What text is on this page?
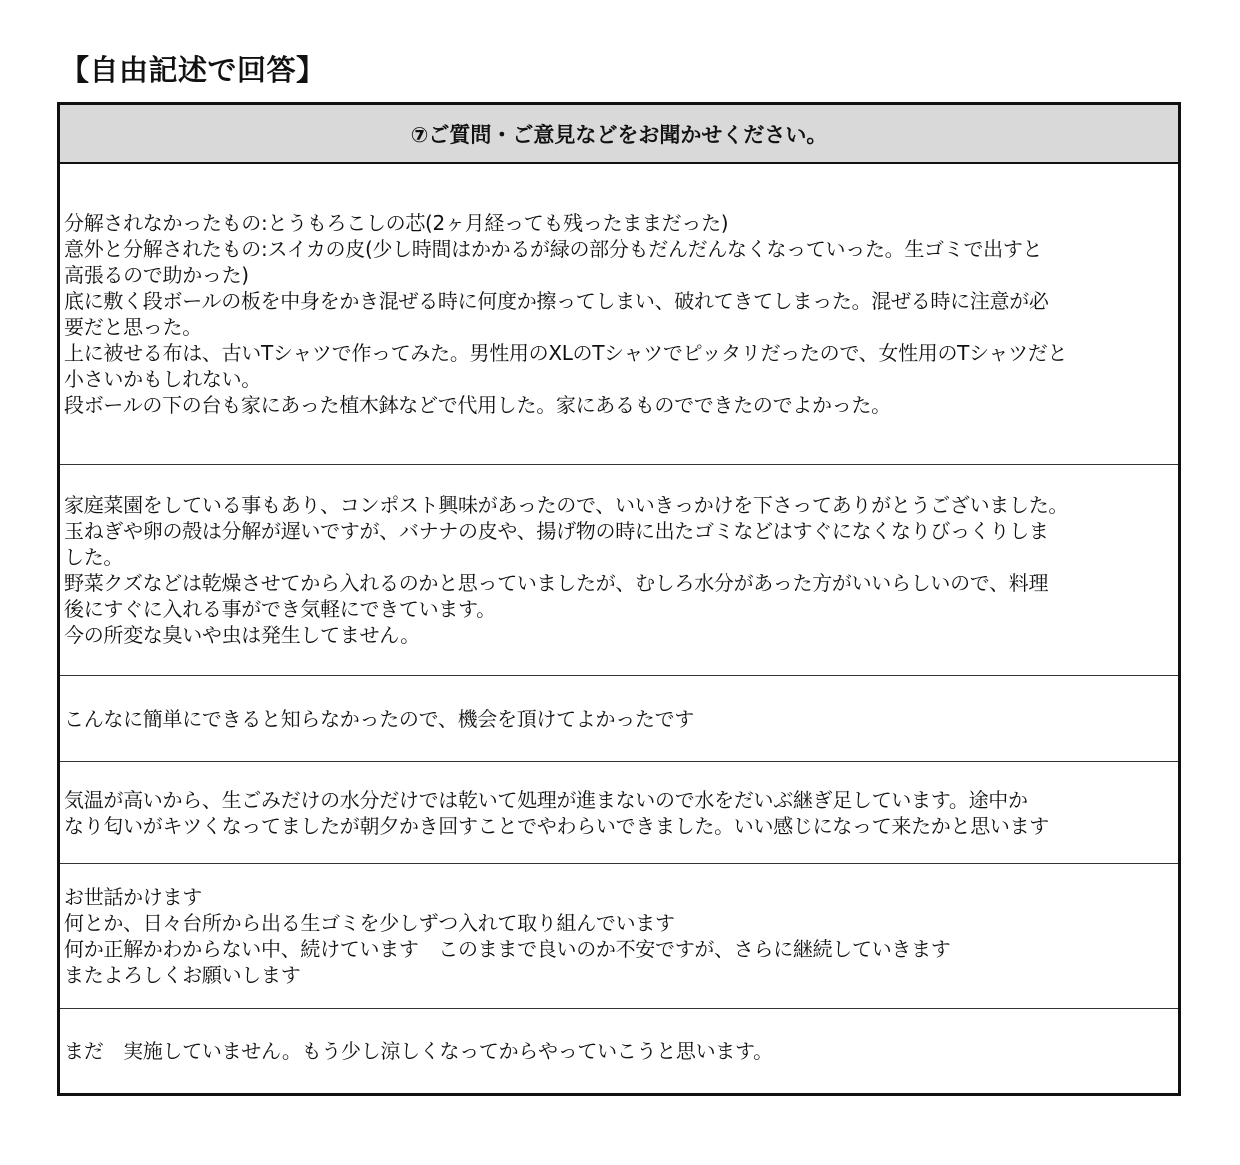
【自由記述で回答】
⑦ご質問・ご意見などをお聞かせください。
分解されなかったもの:とうもろこしの芯(2ヶ月経っても残ったままだった)
意外と分解されたもの:スイカの皮(少し時間はかかるが緑の部分もだんだんなくなっていった。生ゴミで出すと
高張るので助かった)
底に敷く段ボールの板を中身をかき混ぜる時に何度か擦ってしまい、破れてきてしまった。混ぜる時に注意が必
要だと思った。
上に被せる布は、古いTシャツで作ってみた。男性用のXLのTシャツでピッタリだったので、女性用のTシャツだと
小さいかもしれない。
段ボールの下の台も家にあった植木鉢などで代用した。家にあるものでできたのでよかった。
家庭菜園をしている事もあり、コンポスト興味があったので、いいきっかけを下さってありがとうございました。
玉ねぎや卵の殻は分解が遅いですが、バナナの皮や、揚げ物の時に出たゴミなどはすぐになくなりびっくりしま
した。
野菜クズなどは乾燥させてから入れるのかと思っていましたが、むしろ水分があった方がいいらしいので、料理
後にすぐに入れる事ができ気軽にできています。
今の所変な臭いや虫は発生してません。
こんなに簡単にできると知らなかったので、機会を頂けてよかったです
気温が高いから、生ごみだけの水分だけでは乾いて処理が進まないので水をだいぶ継ぎ足しています。途中か
なり匂いがキツくなってましたが朝夕かき回すことでやわらいできました。いい感じになって来たかと思います
お世話かけます
何とか、日々台所から出る生ゴミを少しずつ入れて取り組んでいます
何か正解かわからない中、続けています　このままで良いのか不安ですが、さらに継続していきます
またよろしくお願いします
まだ　実施していません。もう少し涼しくなってからやっていこうと思います。
